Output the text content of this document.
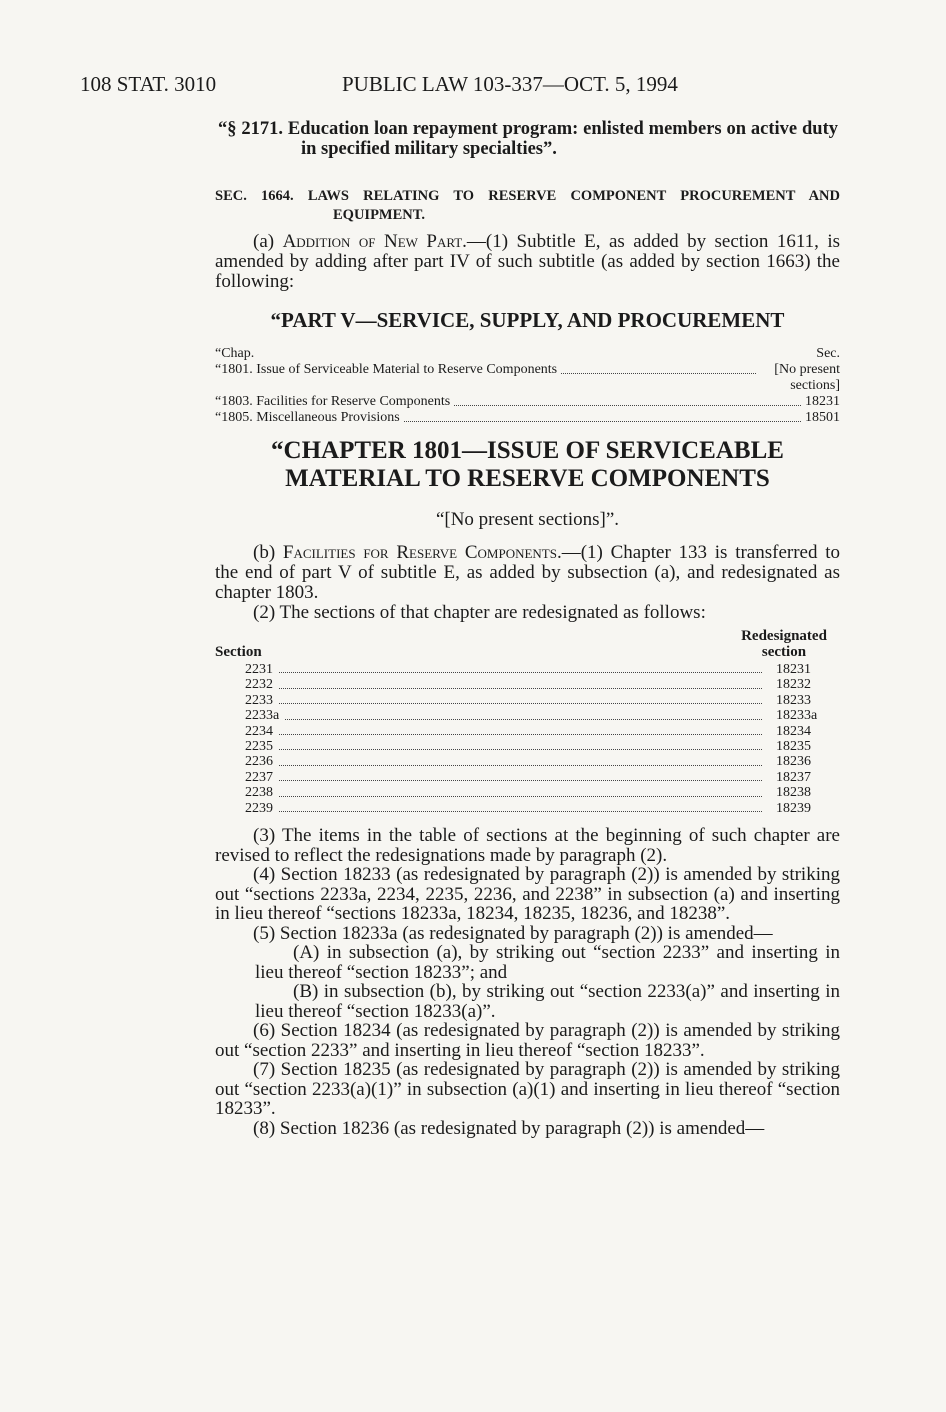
108 STAT. 3010	PUBLIC LAW 103-337—OCT. 5, 1994

“§ 2171. Education loan repayment program: enlisted members on active duty in specified military specialties”.

SEC. 1664. LAWS RELATING TO RESERVE COMPONENT PROCUREMENT AND EQUIPMENT.

(a) Addition of New Part.—(1) Subtitle E, as added by section 1611, is amended by adding after part IV of such subtitle (as added by section 1663) the following:

“PART V—SERVICE, SUPPLY, AND PROCUREMENT
“Chap.	Sec.
“1801. Issue of Serviceable Material to Reserve Components	[No present
sections]
“1803. Facilities for Reserve Components	18231
“1805. Miscellaneous Provisions	18501
“CHAPTER 1801—ISSUE OF SERVICEABLE
MATERIAL TO RESERVE COMPONENTS
“[No present sections]”.

(b) Facilities for Reserve Components.—(1) Chapter 133 is transferred to the end of part V of subtitle E, as added by subsection (a), and redesignated as chapter 1803.

(2) The sections of that chapter are redesignated as follows:

Section
Redesignated
section
2231	18231
2232	18232
2233	18233
2233a	18233a
2234	18234
2235	18235
2236	18236
2237	18237
2238	18238
2239	18239

(3) The items in the table of sections at the beginning of such chapter are revised to reflect the redesignations made by paragraph (2).

(4) Section 18233 (as redesignated by paragraph (2)) is amended by striking out “sections 2233a, 2234, 2235, 2236, and 2238” in subsection (a) and inserting in lieu thereof “sections 18233a, 18234, 18235, 18236, and 18238”.

(5) Section 18233a (as redesignated by paragraph (2)) is amended—

(A) in subsection (a), by striking out “section 2233” and inserting in lieu thereof “section 18233”; and

(B) in subsection (b), by striking out “section 2233(a)” and inserting in lieu thereof “section 18233(a)”.

(6) Section 18234 (as redesignated by paragraph (2)) is amended by striking out “section 2233” and inserting in lieu thereof “section 18233”.

(7) Section 18235 (as redesignated by paragraph (2)) is amended by striking out “section 2233(a)(1)” in subsection (a)(1) and inserting in lieu thereof “section 18233”.

(8) Section 18236 (as redesignated by paragraph (2)) is amended—
